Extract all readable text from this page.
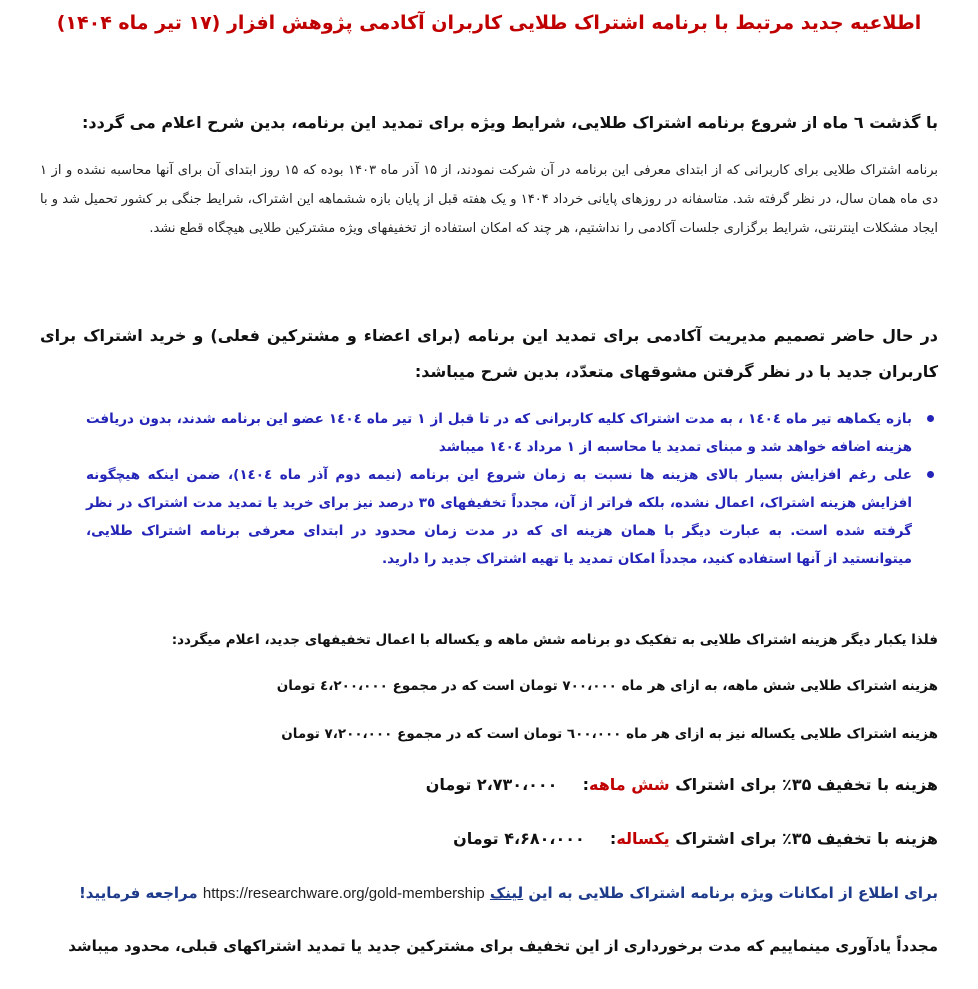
اطلاعیه جدید مرتبط با برنامه اشتراک طلایی کاربران آکادمی پژوهش افزار (۱۷ تیر ماه ۱۴۰۴)

با گذشت ٦ ماه از شروع برنامه اشتراک طلایی، شرایط ویژه برای تمدید این برنامه، بدین شرح اعلام می گردد:

برنامه اشتراک طلایی برای کاربرانی که از ابتدای معرفی این برنامه در آن شرکت نمودند، از ۱۵ آذر ماه ۱۴۰۳ بوده که ۱۵ روز ابتدای آن برای آنها محاسبه نشده و از ۱ دی ماه همان سال، در نظر گرفته شد. متاسفانه در روزهای پایانی خرداد ۱۴۰۴ و یک هفته قبل از پایان بازه ششماهه این اشتراک، شرایط جنگی بر کشور تحمیل شد و با ایجاد مشکلات اینترنتی، شرایط برگزاری جلسات آکادمی را نداشتیم، هر چند که امکان استفاده از تخفیفهای ویژه مشترکین طلایی هیچگاه قطع نشد.

در حال حاضر تصمیم مدیریت آکادمی برای تمدید این برنامه (برای اعضاء و مشترکین فعلی) و خرید اشتراک برای کاربران جدید با در نظر گرفتن مشوقهای متعدّد، بدین شرح میباشد:

بازه یکماهه تیر ماه ١٤٠٤ ، به مدت اشتراک کلیه کاربرانی که در تا قبل از ١ تیر ماه ١٤٠٤ عضو این برنامه شدند، بدون دریافت هزینه اضافه خواهد شد و مبنای تمدید یا محاسبه از ١ مرداد ١٤٠٤ میباشد
علی رغم افزایش بسیار بالای هزینه ها نسبت به زمان شروع این برنامه (نیمه دوم آذر ماه ١٤٠٤)، ضمن اینکه هیچگونه افزایش هزینه اشتراک، اعمال نشده، بلکه فراتر از آن، مجدداً تخفیفهای ٣٥ درصد نیز برای خرید یا تمدید مدت اشتراک در نظر گرفته شده است. به عبارت دیگر با همان هزینه ای که در مدت زمان محدود در ابتدای معرفی برنامه اشتراک طلایی، میتوانستید از آنها استفاده کنید، مجدداً امکان تمدید یا تهیه اشتراک جدید را دارید.

فلذا یکبار دیگر هزینه اشتراک طلایی به تفکیک دو برنامه شش ماهه و یکساله با اعمال تخفیفهای جدید، اعلام میگردد:

هزینه اشتراک طلایی شش ماهه، به ازای هر ماه ۷۰۰،۰۰۰ تومان است که در مجموع ٤،٢٠٠،٠٠٠ تومان

هزینه اشتراک طلایی یکساله نیز به ازای هر ماه ٦٠٠،٠٠٠ تومان است که در مجموع ٧،٢٠٠،٠٠٠ تومان

هزینه با تخفیف ۳۵٪ برای اشتراک شش ماهه:  ۲،۷۳۰،۰۰۰ تومان

هزینه با تخفیف ۳۵٪ برای اشتراک یکساله:  ۴،۶۸۰،۰۰۰ تومان

برای اطلاع از امکانات ویژه برنامه اشتراک طلایی به این لینک https://researchware.org/gold-membership مراجعه فرمایید!

مجدداً یادآوری مینماییم که مدت برخورداری از این تخفیف برای مشترکین جدید یا تمدید اشتراکهای قبلی، محدود میباشد
